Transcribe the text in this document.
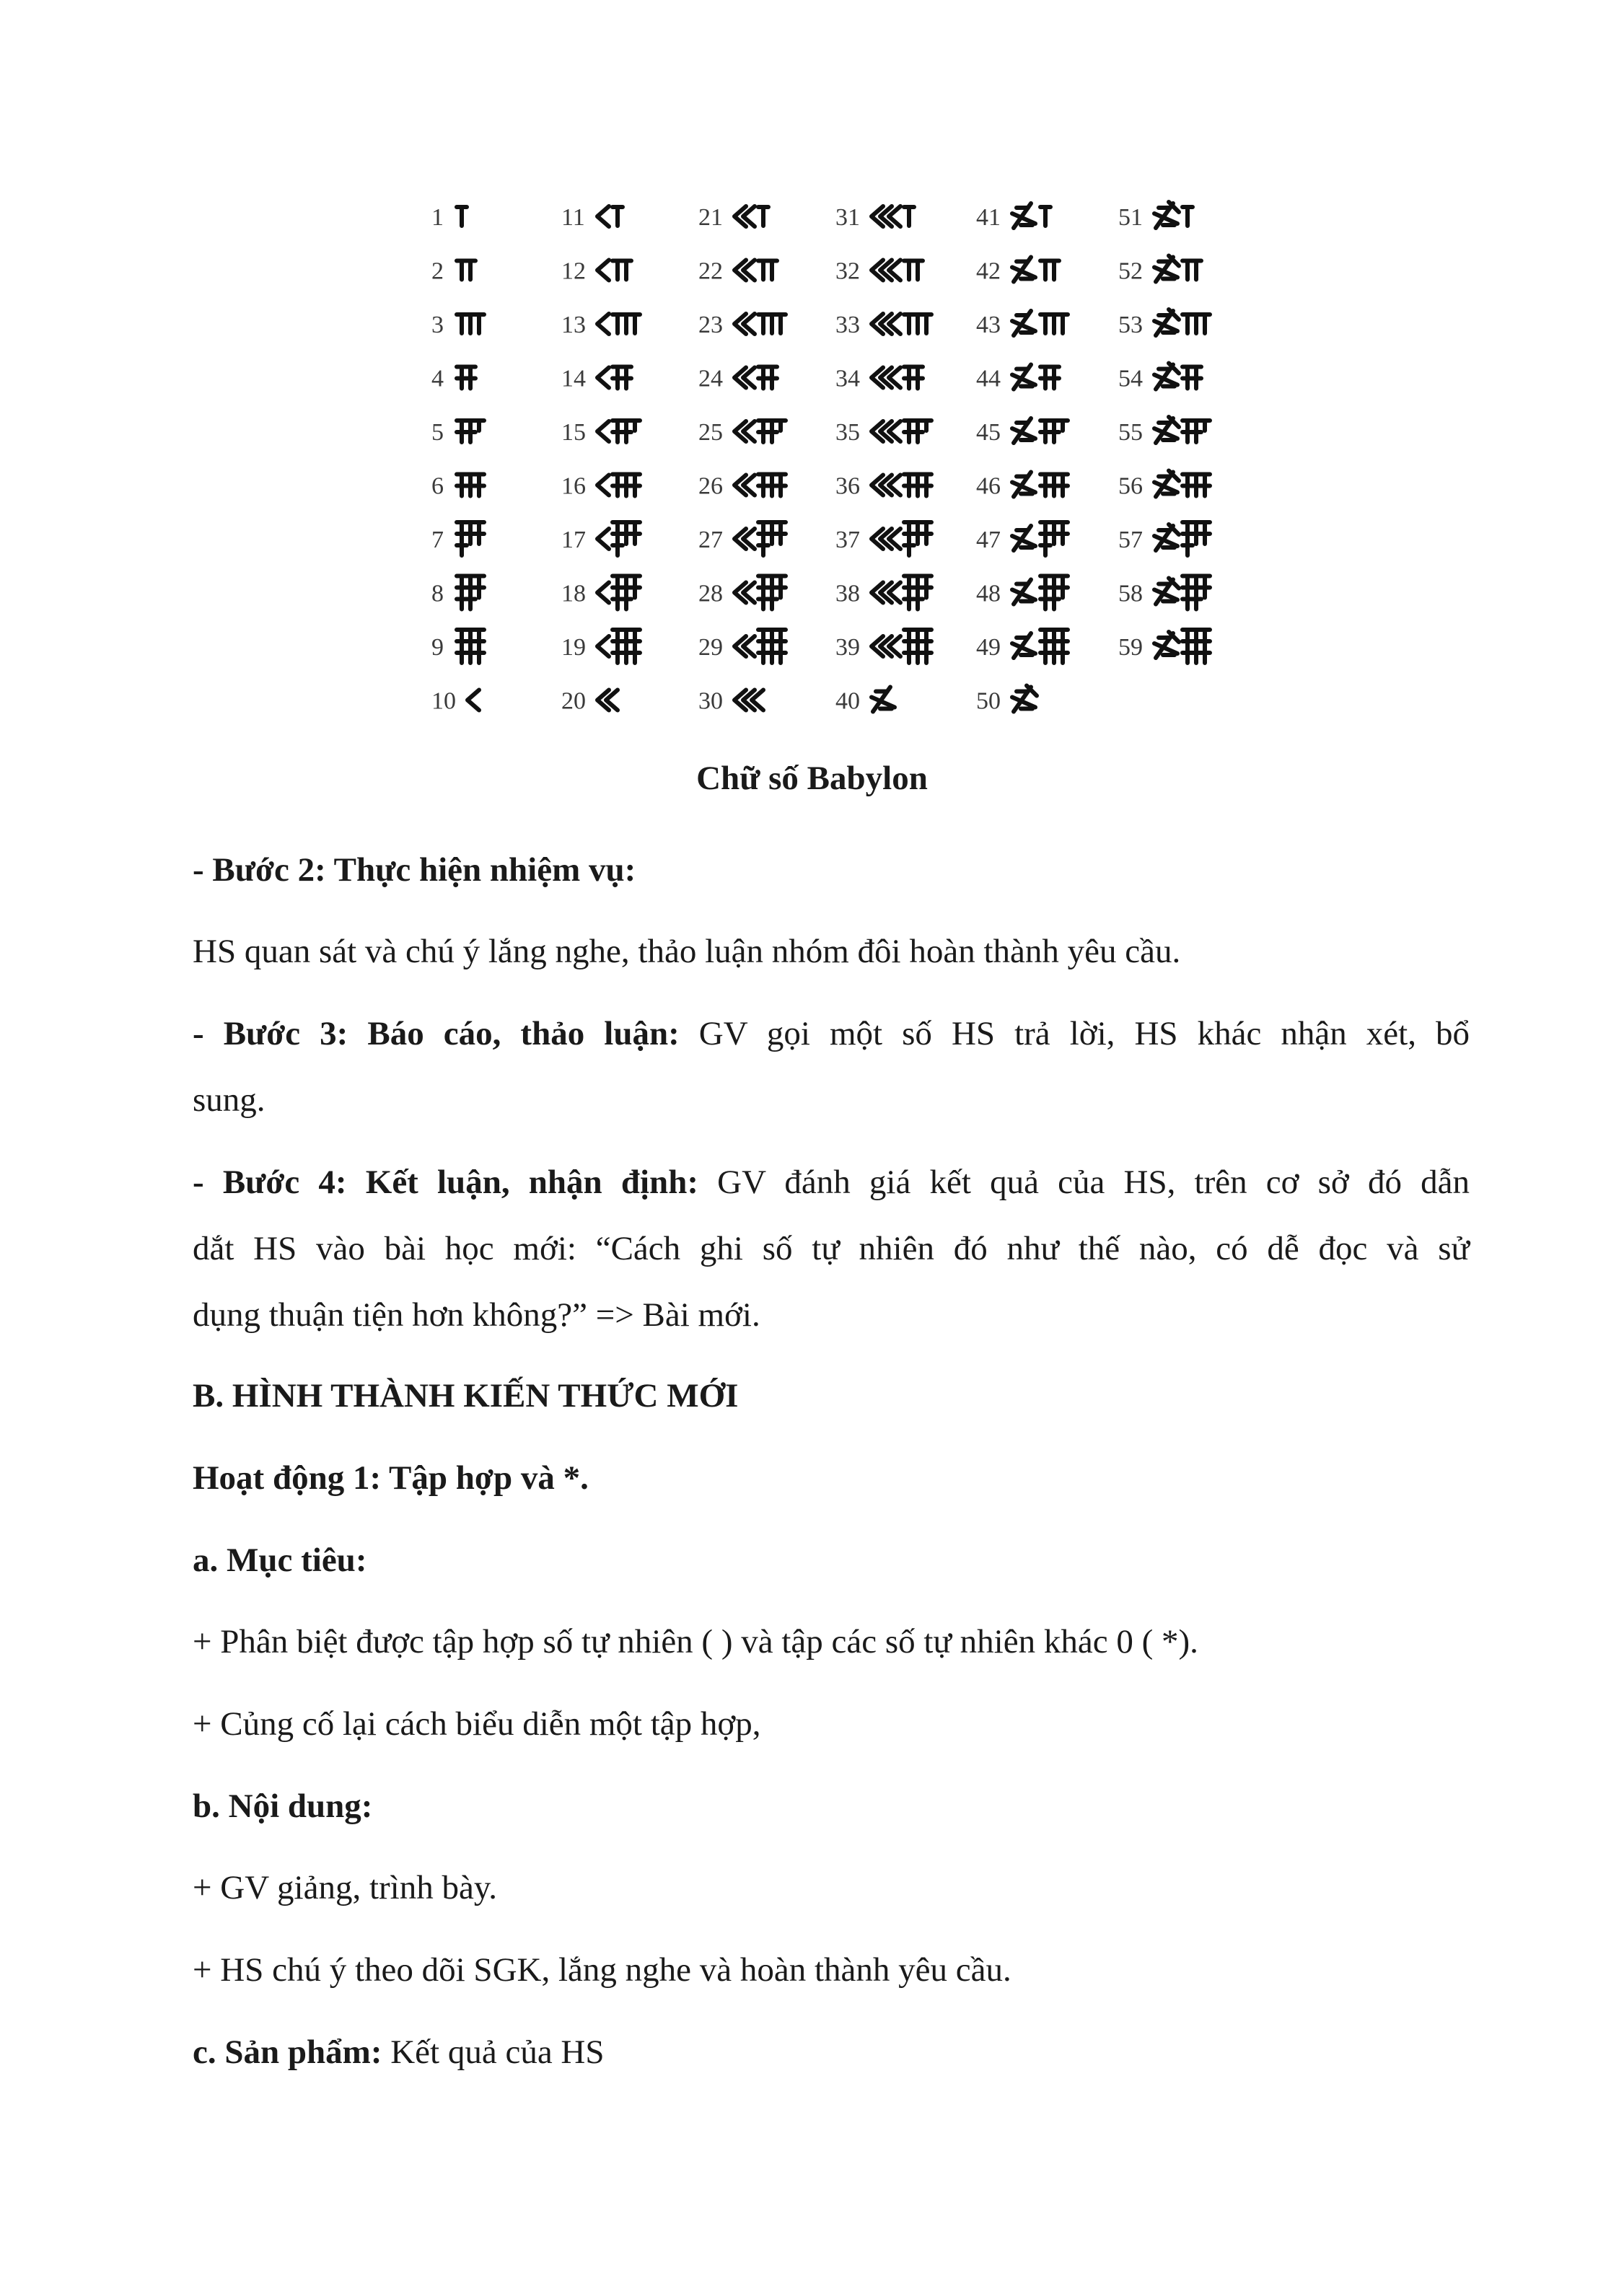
1	11	21	31	41	51
2	12	22	32	42	52
3	13	23	33	43	53
4	14	24	34	44	54
5	15	25	35	45	55
6	16	26	36	46	56
7	17	27	37	47	57
8	18	28	38	48	58
9	19	29	39	49	59
10	20	30	40	50
Chữ số Babylon
- Bước 2: Thực hiện nhiệm vụ:
HS quan sát và chú ý lắng nghe, thảo luận nhóm đôi hoàn thành yêu cầu.
- Bước 3: Báo cáo, thảo luận: GV gọi một số HS trả lời, HS khác nhận xét, bổ
sung.
- Bước 4: Kết luận, nhận định: GV đánh giá kết quả của HS, trên cơ sở đó dẫn
dắt HS vào bài học mới: “Cách ghi số tự nhiên đó như thế nào, có dễ đọc và sử
dụng thuận tiện hơn không?” => Bài mới.
B. HÌNH THÀNH KIẾN THỨC MỚI
Hoạt động 1: Tập hợp và *.
a. Mục tiêu:
+ Phân biệt được tập hợp số tự nhiên ( ) và tập các số tự nhiên khác 0 ( *).
+ Củng cố lại cách biểu diễn một tập hợp,
b. Nội dung:
+ GV giảng, trình bày.
+ HS chú ý theo dõi SGK, lắng nghe và hoàn thành yêu cầu.
c. Sản phẩm: Kết quả của HS
